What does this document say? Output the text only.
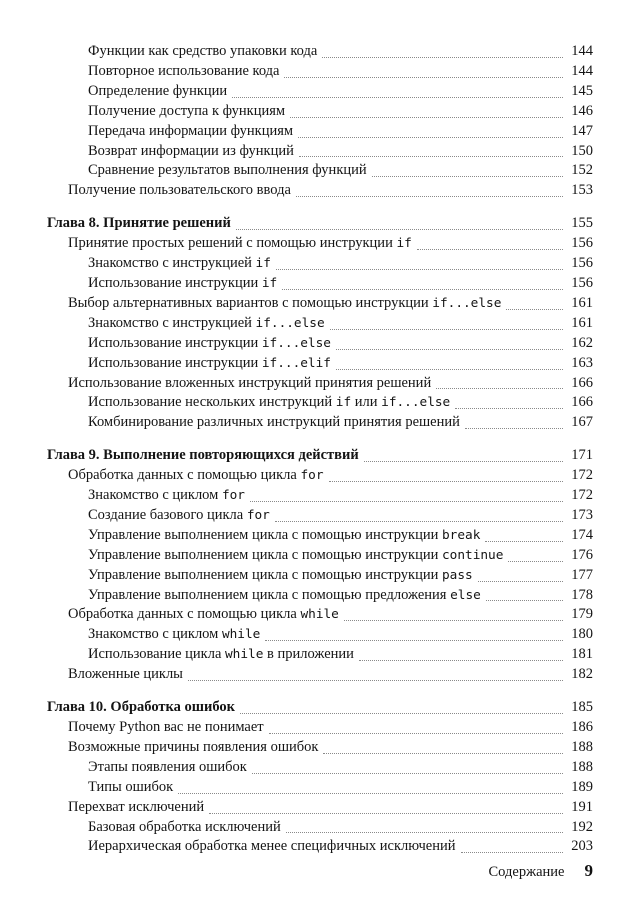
Функции как средство упаковки кода	144
Повторное использование кода	144
Определение функции	145
Получение доступа к функциям	146
Передача информации функциям	147
Возврат информации из функций	150
Сравнение результатов выполнения функций	152
Получение пользовательского ввода	153
Глава 8. Принятие решений	155
Принятие простых решений с помощью инструкции if	156
Знакомство с инструкцией if	156
Использование инструкции if	156
Выбор альтернативных вариантов с помощью инструкции if...else	161
Знакомство с инструкцией if...else	161
Использование инструкции if...else	162
Использование инструкции if...elif	163
Использование вложенных инструкций принятия решений	166
Использование нескольких инструкций if или if...else	166
Комбинирование различных инструкций принятия решений	167
Глава 9. Выполнение повторяющихся действий	171
Обработка данных с помощью цикла for	172
Знакомство с циклом for	172
Создание базового цикла for	173
Управление выполнением цикла с помощью инструкции break	174
Управление выполнением цикла с помощью инструкции continue	176
Управление выполнением цикла с помощью инструкции pass	177
Управление выполнением цикла с помощью предложения else	178
Обработка данных с помощью цикла while	179
Знакомство с циклом while	180
Использование цикла while в приложении	181
Вложенные циклы	182
Глава 10. Обработка ошибок	185
Почему Python вас не понимает	186
Возможные причины появления ошибок	188
Этапы появления ошибок	188
Типы ошибок	189
Перехват исключений	191
Базовая обработка исключений	192
Иерархическая обработка менее специфичных исключений	203
Содержание 9
